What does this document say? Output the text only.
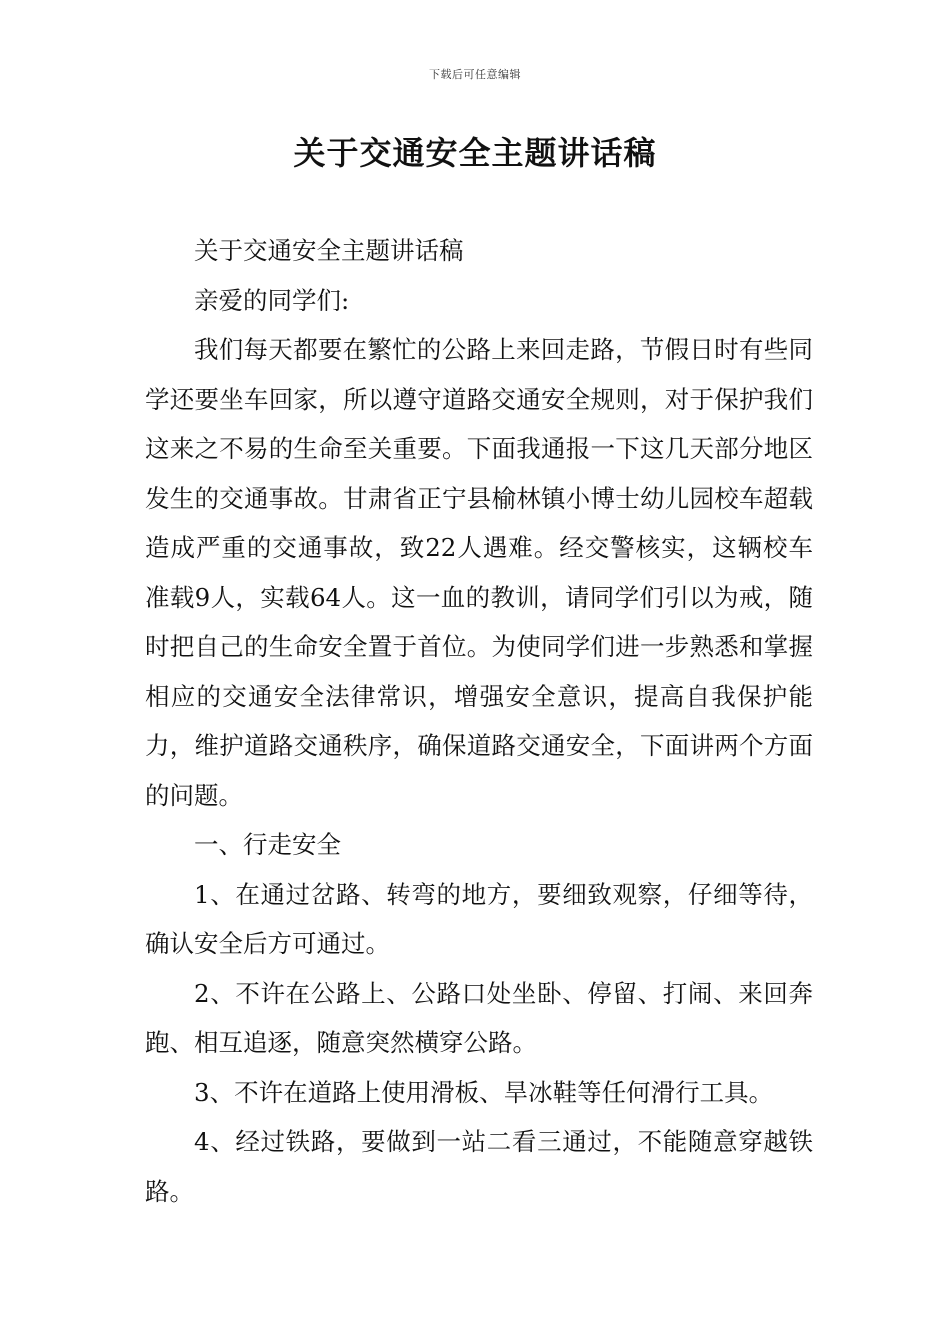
下载后可任意编辑
关于交通安全主题讲话稿

关于交通安全主题讲话稿

亲爱的同学们:

我们每天都要在繁忙的公路上来回走路，节假日时有些同学还要坐车回家，所以遵守道路交通安全规则，对于保护我们这来之不易的生命至关重要。下面我通报一下这几天部分地区发生的交通事故。甘肃省正宁县榆林镇小博士幼儿园校车超载造成严重的交通事故，致22人遇难。经交警核实，这辆校车准载9人，实载64人。这一血的教训，请同学们引以为戒，随时把自己的生命安全置于首位。为使同学们进一步熟悉和掌握相应的交通安全法律常识，增强安全意识，提高自我保护能力，维护道路交通秩序，确保道路交通安全，下面讲两个方面的问题。

一、行走安全

1、在通过岔路、转弯的地方，要细致观察，仔细等待，确认安全后方可通过。

2、不许在公路上、公路口处坐卧、停留、打闹、来回奔跑、相互追逐，随意突然横穿公路。

3、不许在道路上使用滑板、旱冰鞋等任何滑行工具。

4、经过铁路，要做到一站二看三通过，不能随意穿越铁路。
